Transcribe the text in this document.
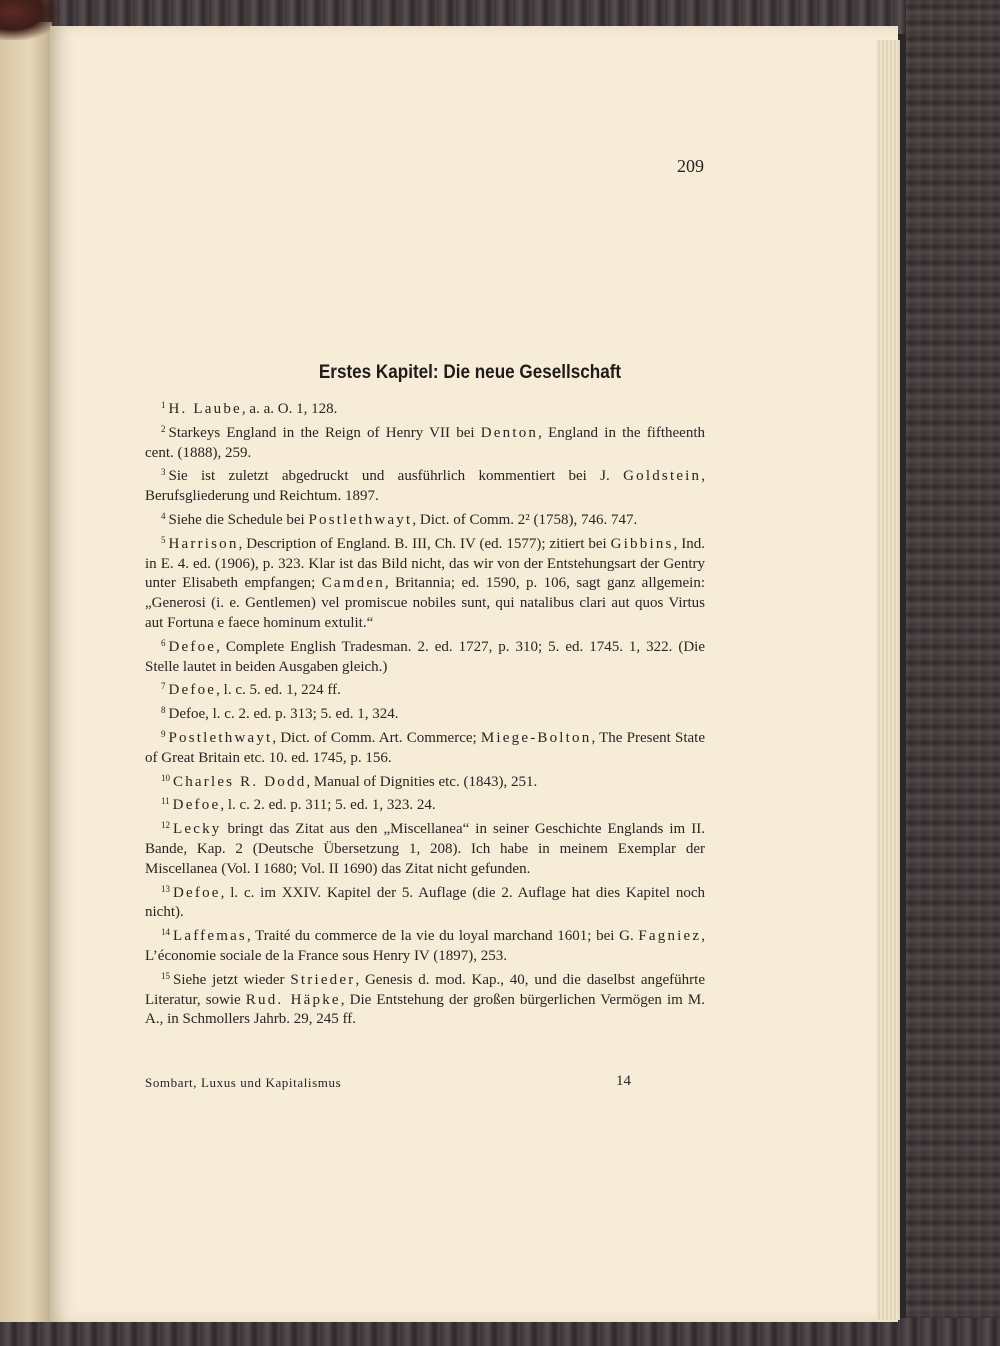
209
Erstes Kapitel: Die neue Gesellschaft

$^1$ H. Laube, a. a. O. 1, 128.

$^2$ Starkeys England in the Reign of Henry VII bei Denton, England in the fiftheenth cent. (1888), 259.

$^3$ Sie ist zuletzt abgedruckt und ausführlich kommentiert bei J. Goldstein, Berufsgliederung und Reichtum. 1897.

$^4$ Siehe die Schedule bei Postlethwayt, Dict. of Comm. 2² (1758), 746. 747.

$^5$ Harrison, Description of England. B. III, Ch. IV (ed. 1577); zitiert bei Gibbins, Ind. in E. 4. ed. (1906), p. 323. Klar ist das Bild nicht, das wir von der Entstehungsart der Gentry unter Elisabeth empfangen; Camden, Britannia; ed. 1590, p. 106, sagt ganz allgemein: „Generosi (i. e. Gentlemen) vel promiscue nobiles sunt, qui natalibus clari aut quos Virtus aut Fortuna e faece hominum extulit.“

$^6$ Defoe, Complete English Tradesman. 2. ed. 1727, p. 310; 5. ed. 1745. 1, 322. (Die Stelle lautet in beiden Ausgaben gleich.)

$^7$ Defoe, l. c. 5. ed. 1, 224 ff.

$^8$ Defoe, l. c. 2. ed. p. 313; 5. ed. 1, 324.

$^9$ Postlethwayt, Dict. of Comm. Art. Commerce; Miege-Bolton, The Present State of Great Britain etc. 10. ed. 1745, p. 156.

$^{10}$ Charles R. Dodd, Manual of Dignities etc. (1843), 251.

$^{11}$ Defoe, l. c. 2. ed. p. 311; 5. ed. 1, 323. 24.

$^{12}$ Lecky bringt das Zitat aus den „Miscellanea“ in seiner Geschichte Englands im II. Bande, Kap. 2 (Deutsche Übersetzung 1, 208). Ich habe in meinem Exemplar der Miscellanea (Vol. I 1680; Vol. II 1690) das Zitat nicht gefunden.

$^{13}$ Defoe, l. c. im XXIV. Kapitel der 5. Auflage (die 2. Auflage hat dies Kapitel noch nicht).

$^{14}$ Laffemas, Traité du commerce de la vie du loyal marchand 1601; bei G. Fagniez, L’économie sociale de la France sous Henry IV (1897), 253.

$^{15}$ Siehe jetzt wieder Strieder, Genesis d. mod. Kap., 40, und die daselbst angeführte Literatur, sowie Rud. Häpke, Die Entstehung der großen bürgerlichen Vermögen im M. A., in Schmollers Jahrb. 29, 245 ff.

Sombart, Luxus und Kapitalismus	14
